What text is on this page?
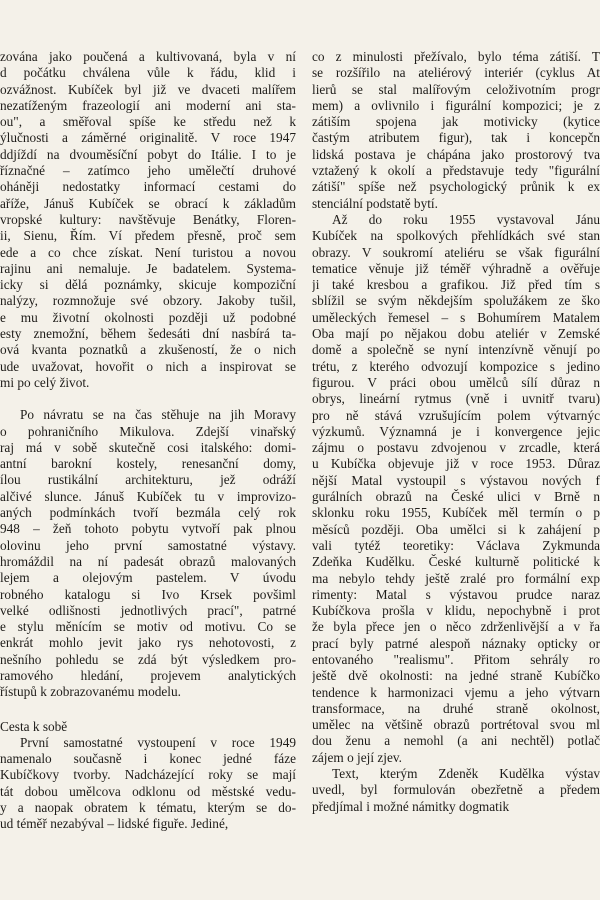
zována jako poučená a kultivovaná, byla v ní
d počátku chválena vůle k řádu, klid i
ozvážnost. Kubíček byl již ve dvaceti malířem
nezatíženým frazeologií ani moderní ani sta-
ou", a směřoval spíše ke středu než k
ýlučnosti a záměrné originalitě. V roce 1947
ddjíždí na dvouměsíční pobyt do Itálie. I to je
říznačné – zatímco jeho umělečtí druhové
oháněji nedostatky informací cestami do
aříže, Jánuš Kubíček se obrací k základům
vropské kultury: navštěvuje Benátky, Floren-
ii, Sienu, Řím. Ví předem přesně, proč sem
ede a co chce získat. Není turistou a novou
rajinu ani nemaluje. Je badatelem. Systema-
icky si dělá poznámky, skicuje kompoziční
nalýzy, rozmnožuje své obzory. Jakoby tušil,
e mu životní okolnosti později už podobné
esty znemožní, během šedesáti dní nasbírá ta-
ová kvanta poznatků a zkušeností, že o nich
ude uvažovat, hovořit o nich a inspirovat se
mi po celý život.
Po návratu se na čas stěhuje na jih Moravy
o pohraničního Mikulova. Zdejší vinařský
raj má v sobě skutečně cosi italského: domi-
antní barokní kostely, renesanční domy,
ílou rustikální architekturu, jež odráží
alčivé slunce. Jánuš Kubíček tu v improvizo-
aných podmínkách tvoří bezmála celý rok
948 – žeň tohoto pobytu vytvoří pak plnou
olovinu jeho první samostatné výstavy.
hromáždil na ní padesát obrazů malovaných
lejem a olejovým pastelem. V úvodu
robného katalogu si Ivo Krsek povšiml
velké odlišnosti jednotlivých prací", patrné
e stylu měnícím se motiv od motivu. Co se
enkrát mohlo jevit jako rys nehotovosti, z
nešního pohledu se zdá být výsledkem pro-
ramového hledání, projevem analytických
řístupů k zobrazovanému modelu.
Cesta k sobě
První samostatné vystoupení v roce 1949
namenalo současně i konec jedné fáze
Kubíčkovy tvorby. Nadcházející roky se mají
tát dobou umělcova odklonu od městské vedu-
y a naopak obratem k tématu, kterým se do-
ud téměř nezabýval – lidské figuře. Jediné,
co z minulosti přežívalo, bylo téma zátiší. T
se rozšířilo na ateliérový interiér (cyklus At
lierů se stal malířovým celoživotním progr
mem) a ovlivnilo i figurální kompozici; je z
zátiším spojena jak motivicky (kytice
častým atributem figur), tak i koncepčn
lidská postava je chápána jako prostorový tva
vztažený k okolí a představuje tedy "figurální
zátiší" spíše než psychologický průnik k ex
stenciální podstatě bytí.
Až do roku 1955 vystavoval Jánu
Kubíček na spolkových přehlídkách své stan
obrazy. V soukromí ateliéru se však figurální
tematice věnuje již téměř výhradně a ověřuje
ji také kresbou a grafikou. Již před tím s
sblížil se svým někdejším spolužákem ze ško
uměleckých řemesel – s Bohumírem Matalem
Oba mají po nějakou dobu ateliér v Zemské
domě a společně se nyní intenzívně věnují po
trétu, z kterého odvozují kompozice s jedino
figurou. V práci obou umělců sílí důraz n
obrys, lineární rytmus (vně i uvnitř tvaru)
pro ně stává vzrušujícím polem výtvarnýc
výzkumů. Významná je i konvergence jejic
zájmu o postavu zdvojenou v zrcadle, která
u Kubíčka objevuje již v roce 1953. Důraz
nější Matal vystoupil s výstavou nových f
gurálních obrazů na České ulici v Brně n
sklonku roku 1955, Kubíček měl termín o p
měsíců později. Oba umělci si k zahájení p
vali tytéž teoretiky: Václava Zykmunda
Zdeňka Kudělku. České kulturně politické k
ma nebylo tehdy ještě zralé pro formální exp
rimenty: Matal s výstavou prudce naraz
Kubíčkova prošla v klidu, nepochybně i prot
že byla přece jen o něco zdrženlivější a v řa
prací byly patrné alespoň náznaky opticky or
entovaného "realismu". Přitom sehrály ro
ještě dvě okolnosti: na jedné straně Kubíčko
tendence k harmonizaci vjemu a jeho výtvarn
transformace, na druhé straně okolnost,
umělec na většině obrazů portrétoval svou ml
dou ženu a nemohl (a ani nechtěl) potlač
zájem o její zjev.
Text, kterým Zdeněk Kudělka výstav
uvedl, byl formulován obezřetně a předem
předjímal i možné námitky dogmatik
